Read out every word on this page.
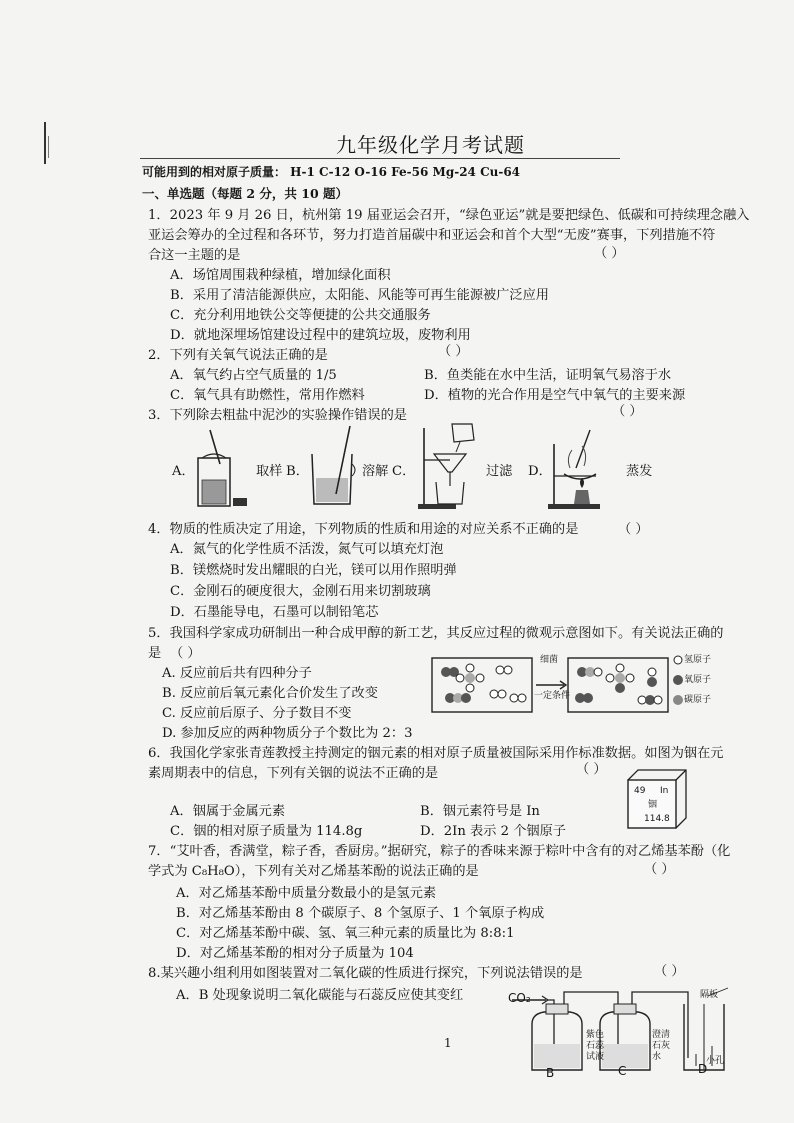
九年级化学月考试题
可能用到的相对原子质量： H-1 C-12 O-16 Fe-56 Mg-24 Cu-64
一、单选题（每题 2 分，共 10 题）
1．2023 年 9 月 26 日，杭州第 19 届亚运会召开，“绿色亚运”就是要把绿色、低碳和可持续理念融入
亚运会筹办的全过程和各环节，努力打造首届碳中和亚运会和首个大型“无废”赛事，下列措施不符
合这一主题的是	（ ）
A．场馆周围栽种绿植，增加绿化面积
B．采用了清洁能源供应，太阳能、风能等可再生能源被广泛应用
C．充分利用地铁公交等便捷的公共交通服务
D．就地深埋场馆建设过程中的建筑垃圾，废物利用
2．下列有关氧气说法正确的是	（ ）
A．氧气约占空气质量的 1/5	B．鱼类能在水中生活，证明氧气易溶于水
C．氧气具有助燃性，常用作燃料	D．植物的光合作用是空气中氧气的主要来源
3．下列除去粗盐中泥沙的实验操作错误的是	（ ）
A．	取样 B．	溶解 C．	过滤 D．	蒸发
4．物质的性质决定了用途，下列物质的性质和用途的对应关系不正确的是	（ ）
A．氮气的化学性质不活泼，氮气可以填充灯泡
B．镁燃烧时发出耀眼的白光，镁可以用作照明弹
C．金刚石的硬度很大，金刚石用来切割玻璃
D．石墨能导电，石墨可以制铅笔芯
5．我国科学家成功研制出一种合成甲醇的新工艺，其反应过程的微观示意图如下。有关说法正确的
是 （ ）
A. 反应前后共有四种分子
B. 反应前后氧元素化合价发生了改变
C. 反应前后原子、分子数目不变
D. 参加反应的两种物质分子个数比为 2：3
细菌
一定条件
氢原子
氧原子
碳原子
6．我国化学家张青莲教授主持测定的铟元素的相对原子质量被国际采用作标准数据。如图为铟在元
素周期表中的信息，下列有关铟的说法不正确的是	（ ）
A．铟属于金属元素	B．铟元素符号是 In
C．铟的相对原子质量为 114.8g	D．2In 表示 2 个铟原子
49 In
铟
114.8
7．“艾叶香，香满堂，粽子香，香厨房。”据研究，粽子的香味来源于粽叶中含有的对乙烯基苯酚（化
学式为 C₈H₈O），下列有关对乙烯基苯酚的说法正确的是	（ ）
A．对乙烯基苯酚中质量分数最小的是氢元素
B．对乙烯基苯酚由 8 个碳原子、8 个氢原子、1 个氧原子构成
C．对乙烯基苯酚中碳、氢、氧三种元素的质量比为 8:8:1
D．对乙烯基苯酚的相对分子质量为 104
8.某兴趣小组利用如图装置对二氧化碳的性质进行探究，下列说法错误的是	（ ）
A．B 处现象说明二氧化碳能与石蕊反应使其变红	CO₂
紫色石蕊试液
澄清石灰水
隔板
小孔
B	C	D
1
